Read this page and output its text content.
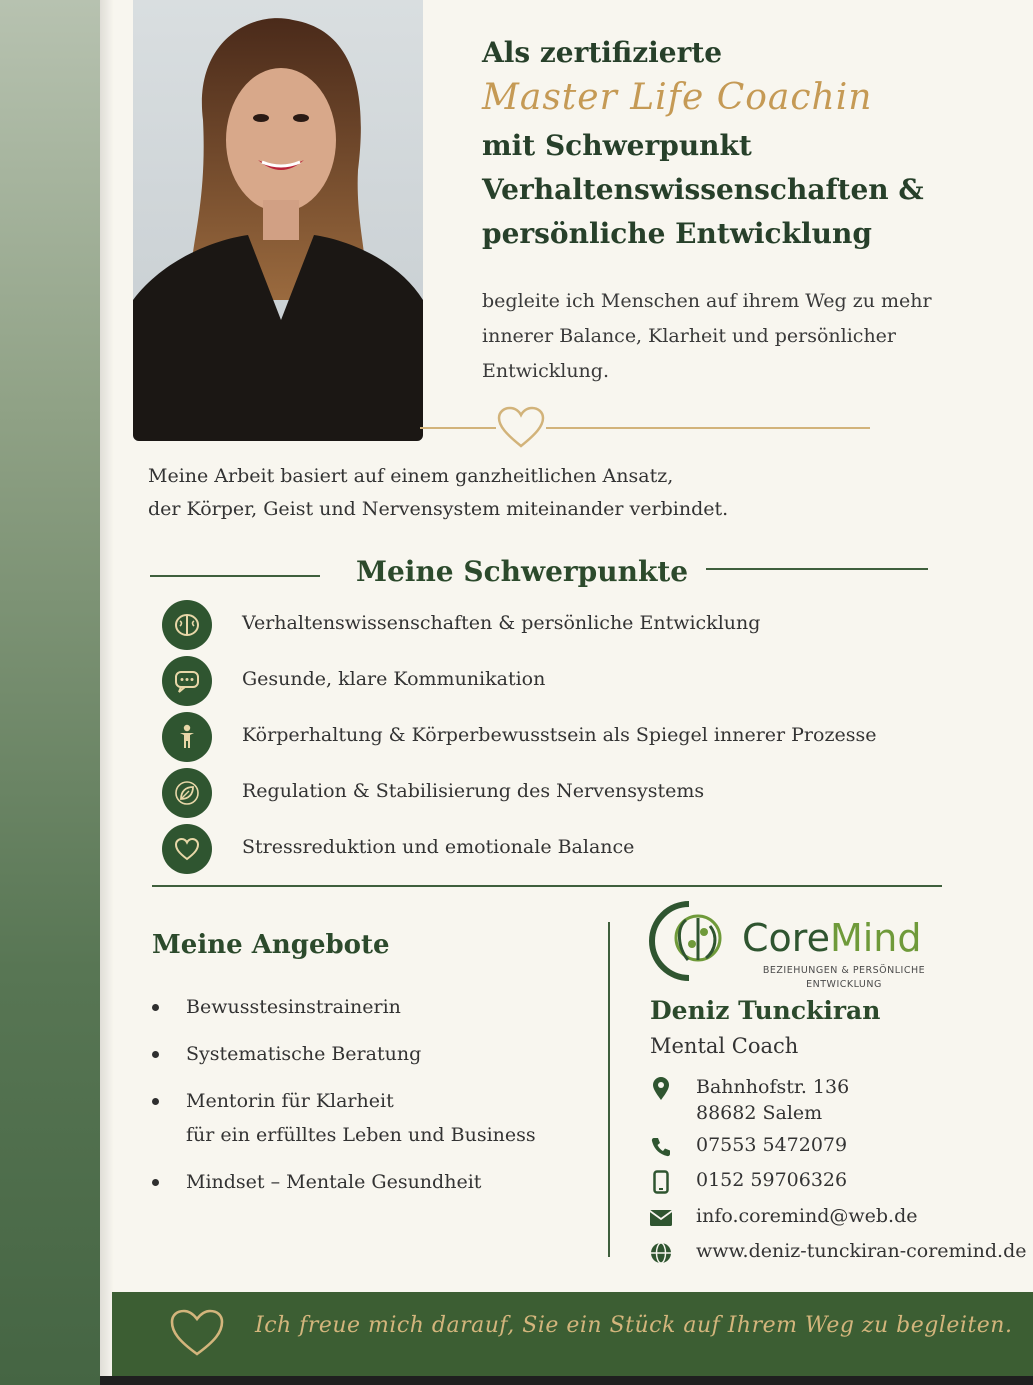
Als zertifizierte
Master Life Coachin
mit Schwerpunkt
Verhaltenswissenschaften &
persönliche Entwicklung
begleite ich Menschen auf ihrem Weg zu mehr
innerer Balance, Klarheit und persönlicher
Entwicklung.
Meine Arbeit basiert auf einem ganzheitlichen Ansatz,
der Körper, Geist und Nervensystem miteinander verbindet.
Meine Schwerpunkte
Verhaltenswissenschaften & persönliche Entwicklung
Gesunde, klare Kommunikation
Körperhaltung & Körperbewusstsein als Spiegel innerer Prozesse
Regulation & Stabilisierung des Nervensystems
Stressreduktion und emotionale Balance
Meine Angebote
Bewusstesinstrainerin
Systematische Beratung
Mentorin für Klarheit
für ein erfülltes Leben und Business
Mindset – Mentale Gesundheit
CoreMind
BEZIEHUNGEN & PERSÖNLICHE
ENTWICKLUNG
Deniz Tunckiran
Mental Coach
Bahnhofstr. 136
88682 Salem
07553 5472079
0152 59706326
info.coremind@web.de
www.deniz-tunckiran-coremind.de
Ich freue mich darauf, Sie ein Stück auf Ihrem Weg zu begleiten.
